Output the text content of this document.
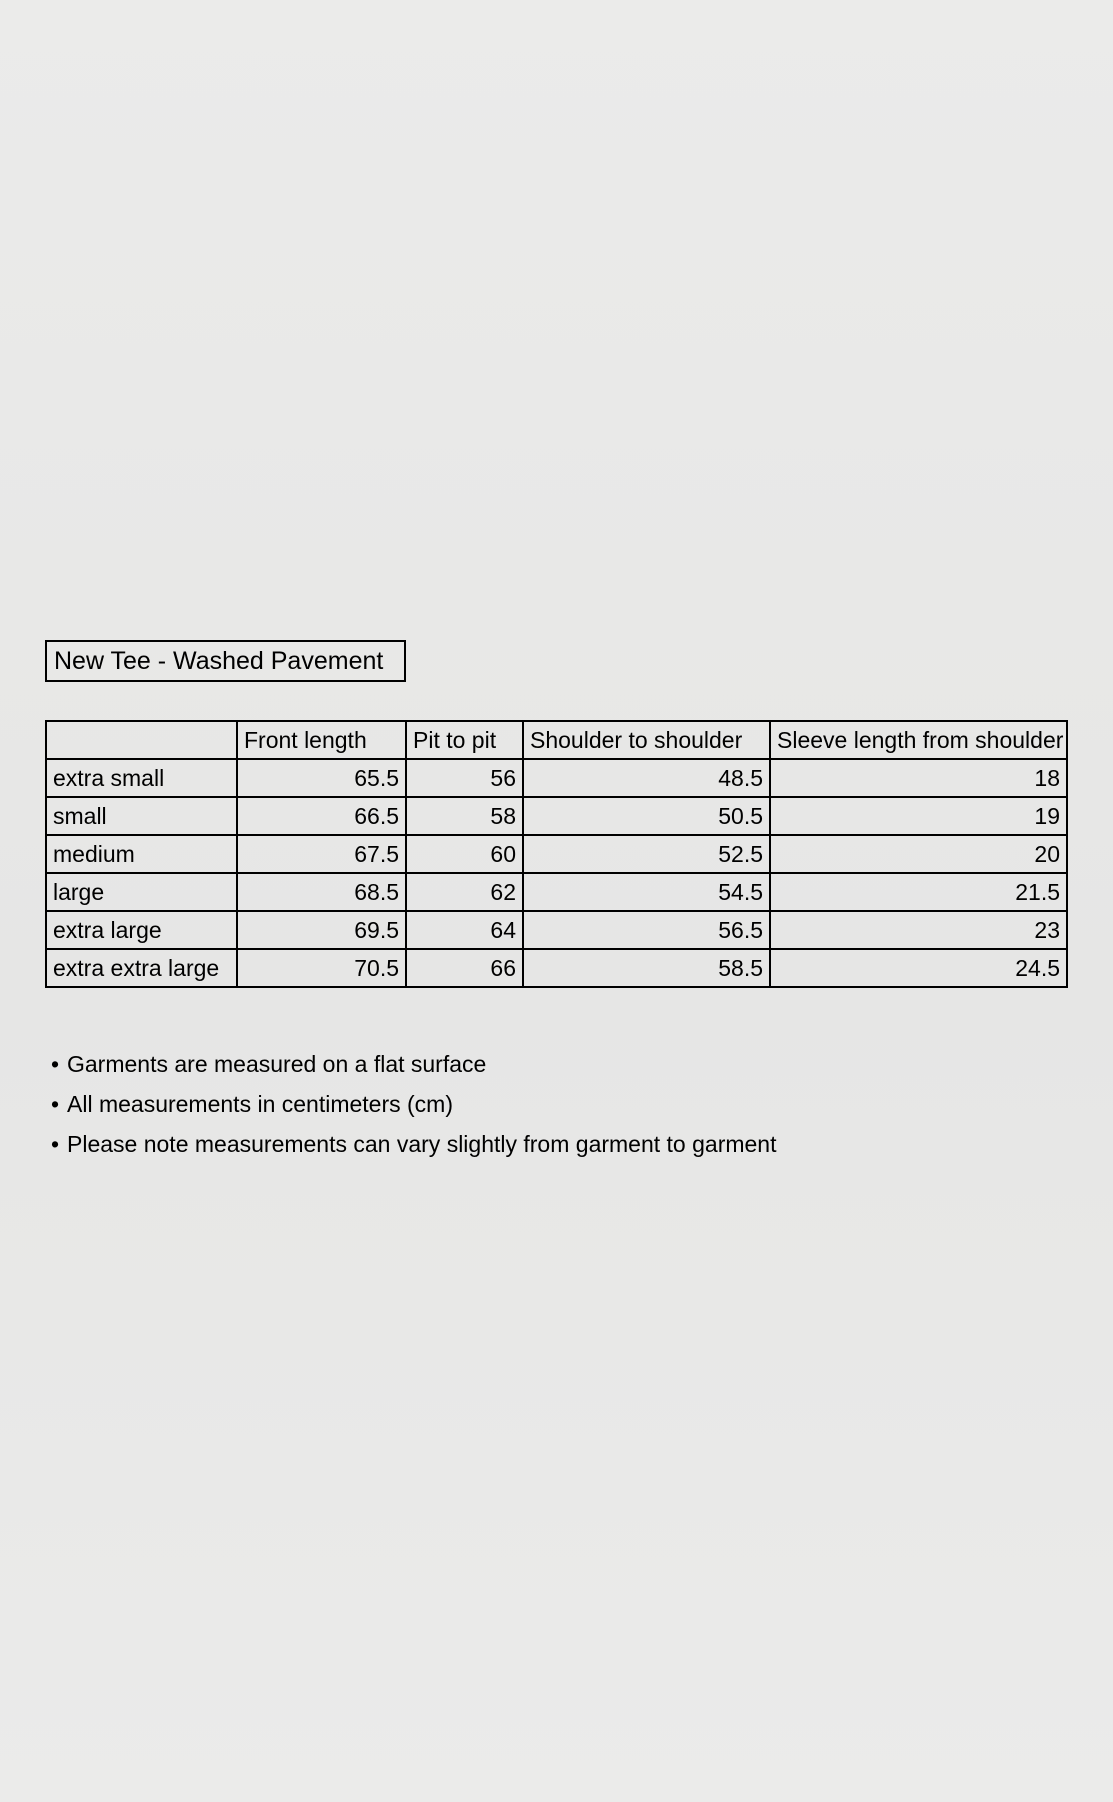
New Tee - Washed Pavement
	Front length	Pit to pit	Shoulder to shoulder	Sleeve length from shoulder
extra small	65.5	56	48.5	18
small	66.5	58	50.5	19
medium	67.5	60	52.5	20
large	68.5	62	54.5	21.5
extra large	69.5	64	56.5	23
extra extra large	70.5	66	58.5	24.5
• Garments are measured on a flat surface
• All measurements in centimeters (cm)
• Please note measurements can vary slightly from garment to garment
